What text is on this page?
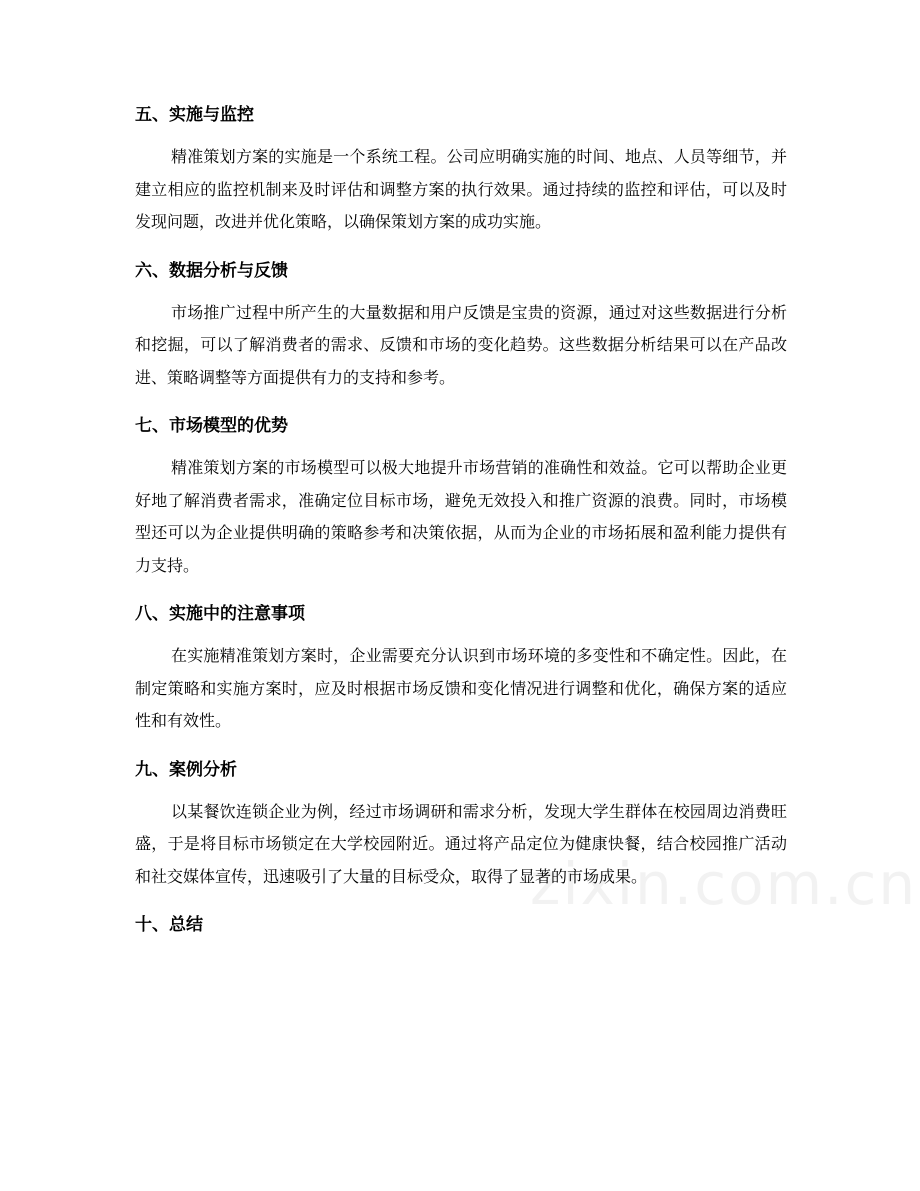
五、实施与监控

精准策划方案的实施是一个系统工程。公司应明确实施的时间、地点、人员等细节，并建立相应的监控机制来及时评估和调整方案的执行效果。通过持续的监控和评估，可以及时发现问题，改进并优化策略，以确保策划方案的成功实施。

六、数据分析与反馈

市场推广过程中所产生的大量数据和用户反馈是宝贵的资源，通过对这些数据进行分析和挖掘，可以了解消费者的需求、反馈和市场的变化趋势。这些数据分析结果可以在产品改进、策略调整等方面提供有力的支持和参考。

七、市场模型的优势

精准策划方案的市场模型可以极大地提升市场营销的准确性和效益。它可以帮助企业更好地了解消费者需求，准确定位目标市场，避免无效投入和推广资源的浪费。同时，市场模型还可以为企业提供明确的策略参考和决策依据，从而为企业的市场拓展和盈利能力提供有力支持。

八、实施中的注意事项

在实施精准策划方案时，企业需要充分认识到市场环境的多变性和不确定性。因此，在制定策略和实施方案时，应及时根据市场反馈和变化情况进行调整和优化，确保方案的适应性和有效性。

九、案例分析

以某餐饮连锁企业为例，经过市场调研和需求分析，发现大学生群体在校园周边消费旺盛，于是将目标市场锁定在大学校园附近。通过将产品定位为健康快餐，结合校园推广活动和社交媒体宣传，迅速吸引了大量的目标受众，取得了显著的市场成果。

十、总结
zixin.com.cn
